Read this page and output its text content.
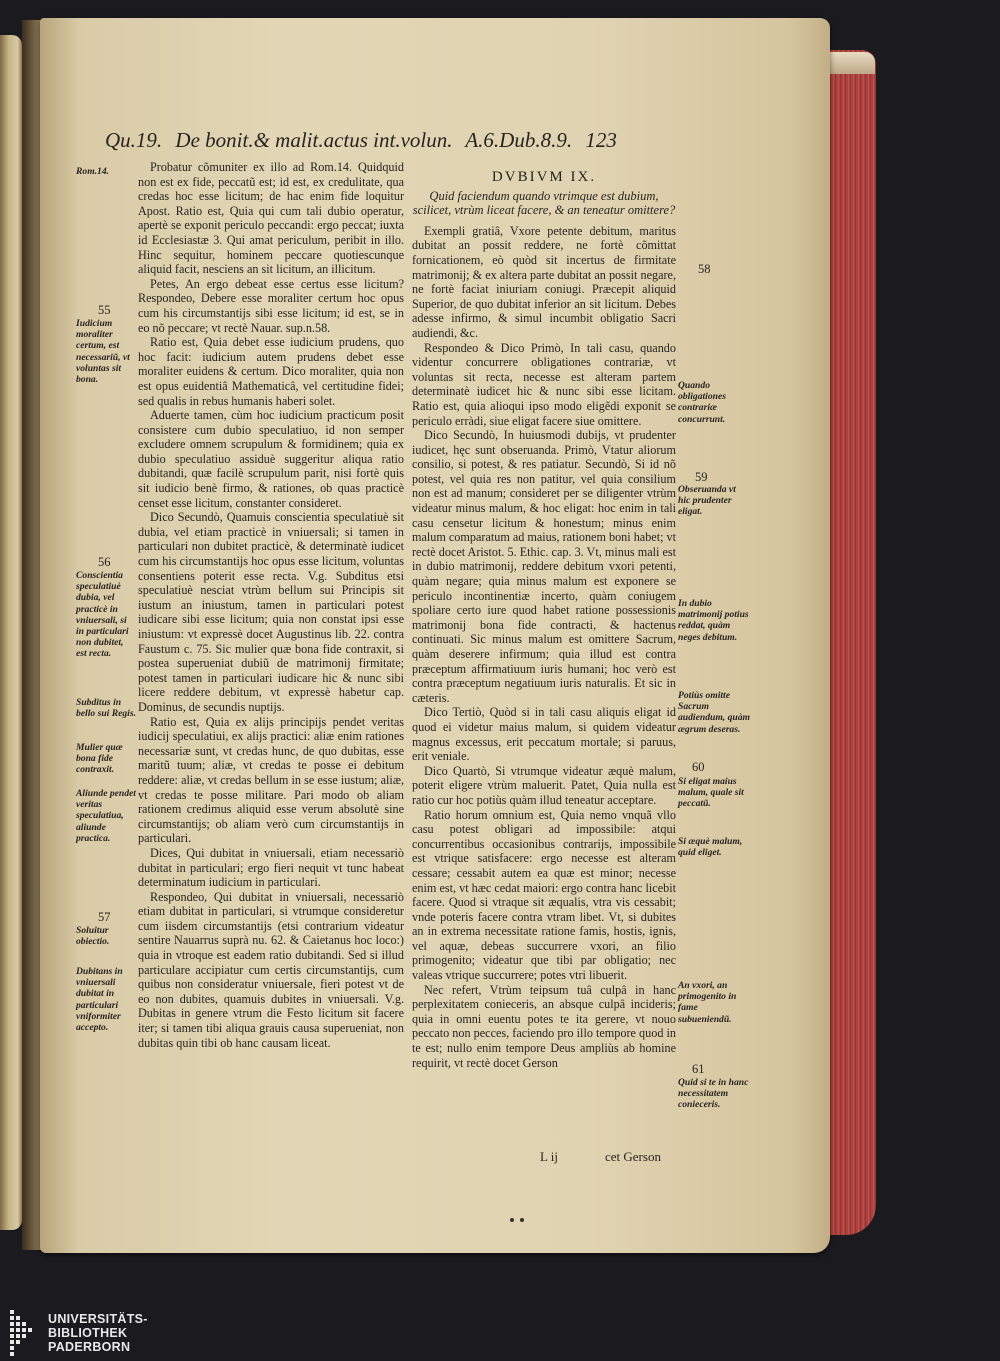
Qu.19. De bonit.& malit.actus int.volun. A.6.Dub.8.9. 123

Probatur cõmuniter ex illo ad Rom.14. Quidquid non est ex fide, peccatũ est; id est, ex credulitate, qua credas hoc esse licitum; de hac enim fide loquitur Apost. Ratio est, Quia qui cum tali dubio operatur, apertè se exponit periculo peccandi: ergo peccat; iuxta id Ecclesiastæ 3. Qui amat periculum, peribit in illo. Hinc sequitur, hominem peccare quotiescunque aliquid facit, nesciens an sit licitum, an illicitum.

Petes, An ergo debeat esse certus esse licitum? Respondeo, Debere esse moraliter certum hoc opus cum his circumstantijs sibi esse licitum; id est, se in eo nõ peccare; vt rectè Nauar. sup.n.58.

Ratio est, Quia debet esse iudicium prudens, quo hoc facit: iudicium autem prudens debet esse moraliter euidens & certum. Dico moraliter, quia non est opus euidentiâ Mathematicâ, vel certitudine fidei; sed qualis in rebus humanis haberi solet.

Aduerte tamen, cùm hoc iudicium practicum posit consistere cum dubio speculatiuo, id non semper excludere omnem scrupulum & formidinem; quia ex dubio speculatiuo assiduè suggeritur aliqua ratio dubitandi, quæ facilè scrupulum parit, nisi fortè quis sit iudicio benè firmo, & rationes, ob quas practicè censet esse licitum, constanter consideret.

Dico Secundò, Quamuis conscientia speculatiuè sit dubia, vel etiam practicè in vniuersali; si tamen in particulari non dubitet practicè, & determinatè iudicet cum his circumstantijs hoc opus esse licitum, voluntas consentiens poterit esse recta. V.g. Subditus etsi speculatiuè nesciat vtrùm bellum sui Principis sit iustum an iniustum, tamen in particulari potest iudicare sibi esse licitum; quia non constat ipsi esse iniustum: vt expressè docet Augustinus lib. 22. contra Faustum c. 75. Sic mulier quæ bona fide contraxit, si postea superueniat dubiũ de matrimonij firmitate; potest tamen in particulari iudicare hic & nunc sibi licere reddere debitum, vt expressè habetur cap. Dominus, de secundis nuptijs.

Ratio est, Quia ex alijs principijs pendet veritas iudicij speculatiui, ex alijs practici: aliæ enim rationes necessariæ sunt, vt credas hunc, de quo dubitas, esse maritũ tuum; aliæ, vt credas te posse ei debitum reddere: aliæ, vt credas bellum in se esse iustum; aliæ, vt credas te posse militare. Pari modo ob aliam rationem credimus aliquid esse verum absolutè sine circumstantijs; ob aliam verò cum circumstantijs in particulari.

Dices, Qui dubitat in vniuersali, etiam necessariò dubitat in particulari; ergo fieri nequit vt tunc habeat determinatum iudicium in particulari.

Respondeo, Qui dubitat in vniuersali, necessariò etiam dubitat in particulari, si vtrumque consideretur cum iisdem circumstantijs (etsi contrarium videatur sentire Nauarrus suprà nu. 62. & Caietanus hoc loco:) quia in vtroque est eadem ratio dubitandi. Sed si illud particulare accipiatur cum certis circumstantijs, cum quibus non consideratur vniuersale, fieri potest vt de eo non dubites, quamuis dubites in vniuersali. V.g. Dubitas in genere vtrum die Festo licitum sit facere iter; si tamen tibi aliqua grauis causa superueniat, non dubitas quin tibi ob hanc causam liceat.

DVBIVM IX.

Quid faciendum quando vtrimque est dubium, scilicet, vtrùm liceat facere, & an teneatur omittere?

Exempli gratiâ, Vxore petente debitum, maritus dubitat an possit reddere, ne fortè cõmittat fornicationem, eò quòd sit incertus de firmitate matrimonij; & ex altera parte dubitat an possit negare, ne fortè faciat iniuriam coniugi. Præcepit aliquid Superior, de quo dubitat inferior an sit licitum. Debes adesse infirmo, & simul incumbit obligatio Sacri audiendi, &c.

Respondeo & Dico Primò, In tali casu, quando videntur concurrere obligationes contrariæ, vt voluntas sit recta, necesse est alteram partem determinatè iudicet hic & nunc sibi esse licitam. Ratio est, quia alioqui ipso modo eligẽdi exponit se periculo erràdi, siue eligat facere siue omittere.

Dico Secundò, In huiusmodi dubijs, vt prudenter iudicet, hęc sunt obseruanda. Primò, Vtatur aliorum consilio, si potest, & res patiatur. Secundò, Si id nõ potest, vel quia res non patitur, vel quia consilium non est ad manum; consideret per se diligenter vtrùm videatur minus malum, & hoc eligat: hoc enim in tali casu censetur licitum & honestum; minus enim malum comparatum ad maius, rationem boni habet; vt rectè docet Aristot. 5. Ethic. cap. 3. Vt, minus mali est in dubio matrimonij, reddere debitum vxori petenti, quàm negare; quia minus malum est exponere se periculo incontinentiæ incerto, quàm coniugem spoliare certo iure quod habet ratione possessionis matrimonij bona fide contracti, & hactenus continuati. Sic minus malum est omittere Sacrum, quàm deserere infirmum; quia illud est contra præceptum affirmatiuum iuris humani; hoc verò est contra præceptum negatiuum iuris naturalis. Et sic in cæteris.

Dico Tertiò, Quòd si in tali casu aliquis eligat id quod ei videtur maius malum, si quidem videatur magnus excessus, erit peccatum mortale; si paruus, erit veniale.

Dico Quartò, Si vtrumque videatur æquè malum, poterit eligere vtrùm maluerit. Patet, Quia nulla est ratio cur hoc potiùs quàm illud teneatur acceptare.

Ratio horum omnium est, Quia nemo vnquã vllo casu potest obligari ad impossibile: atqui concurrentibus occasionibus contrarijs, impossibile est vtrique satisfacere: ergo necesse est alteram cessare; cessabit autem ea quæ est minor; necesse enim est, vt hæc cedat maiori: ergo contra hanc licebit facere. Quod si vtraque sit æqualis, vtra vis cessabit; vnde poteris facere contra vtram libet. Vt, si dubites an in extrema necessitate ratione famis, hostis, ignis, vel aquæ, debeas succurrere vxori, an filio primogenito; videatur que tibi par obligatio; nec valeas vtrique succurrere; potes vtri libuerit.

Nec refert, Vtrùm teipsum tuâ culpâ in hanc perplexitatem conieceris, an absque culpâ incideris; quia in omni euentu potes te ita gerere, vt nouo peccato non pecces, faciendo pro illo tempore quod in te est; nullo enim tempore Deus ampliùs ab homine requirit, vt rectè docet Gerson

L ij	cet Gerson
Rom.14.
55
Iudicium moraliter certum, est necessariũ, vt voluntas sit bona.
56
Conscientia speculatiuè dubia, vel practicè in vniuersali, si in particulari non dubitet, est recta.
Subditus in bello sui Regis.
Mulier quæ bona fide contraxit.
Aliunde pendet veritas speculatiua, aliunde practica.
57
Soluitur obiectio.
Dubitans in vniuersali dubitat in particulari vniformiter accepto.
58
Quando obligationes contrariæ concurrunt.
59
Obseruanda vt hic prudenter eligat.
In dubio matrimonij potius reddat, quàm neges debitum.
Potiùs omitte Sacrum audiendum, quàm ægrum deseras.
60
Si eligat maius malum, quale sit peccatũ.
Si æquè malum, quid eliget.
An vxori, an primogenito in fame subueniendũ.
61
Quid si te in hanc necessitatem conieceris.
UNIVERSITÄTS-
BIBLIOTHEK
PADERBORN
